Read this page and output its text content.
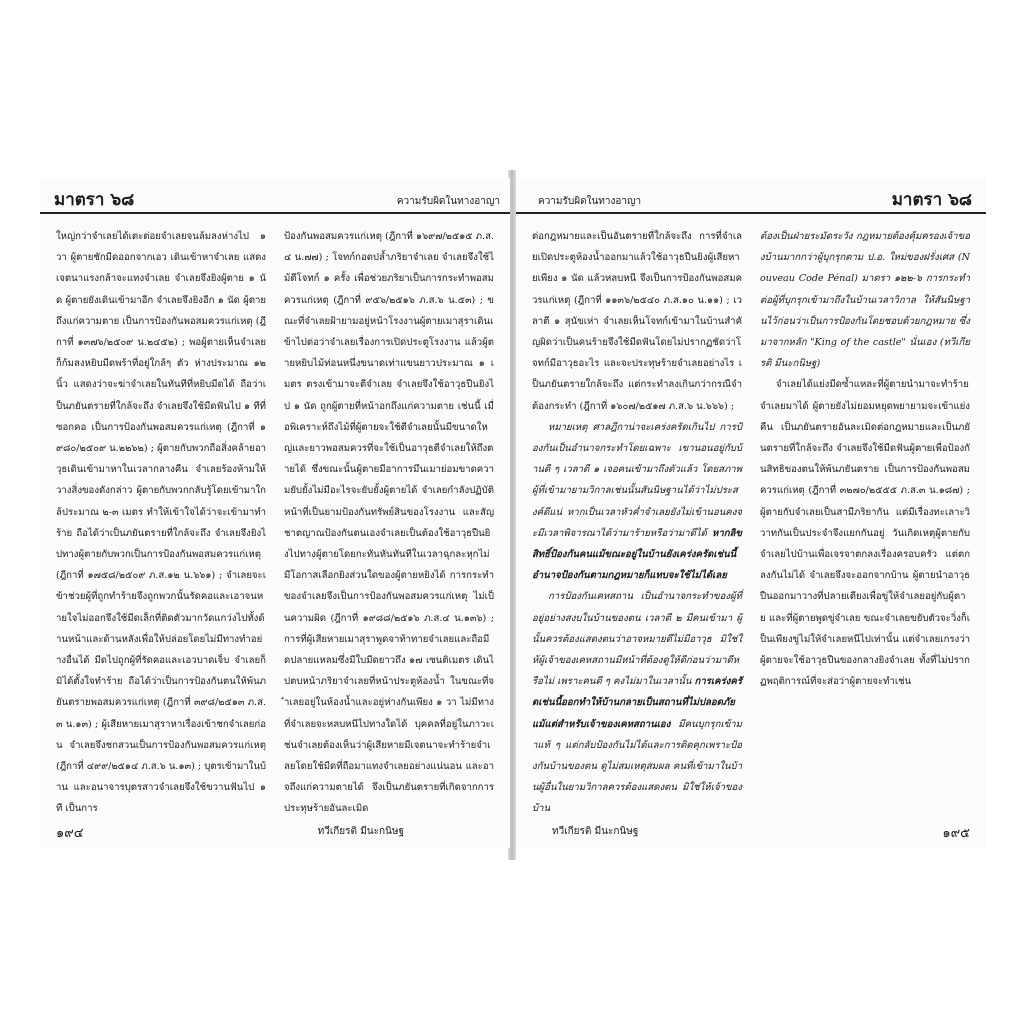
มาตรา ๖๘	ความรับผิดในทางอาญา

ใหญ่กว่าจำเลยได้เตะต่อยจำเลยจนล้มลงห่างไป ๑ วา ผู้ตายชักมีดออกจากเอว เดินเข้าหาจำเลย แสดงเจตนาแรงกล้าจะแทงจำเลย จำเลยจึงยิงผู้ตาย ๑ นัด ผู้ตายยังเดินเข้ามาอีก จำเลยจึงยิงอีก ๑ นัด ผู้ตายถึงแก่ความตาย เป็นการป้องกันพอสมควรแก่เหตุ (ฎีกาที่ ๑๓๗๖/๒๕๐๙ น.๒๔๕๒) ; พอผู้ตายเห็นจำเลย ก็ก้มลงหยิบมีดพร้าที่อยู่ใกล้ๆ ตัว ห่างประมาณ ๑๒ นิ้ว แสดงว่าจะฆ่าจำเลยในทันทีที่หยิบมีดได้ ถือว่าเป็นภยันตรายที่ใกล้จะถึง จำเลยจึงใช้มีดฟันไป ๑ ทีที่ซอกคอ เป็นการป้องกันพอสมควรแก่เหตุ (ฎีกาที่ ๑๙๘๐/๒๕๐๙ น.๒๒๖๒) ; ผู้ตายกับพวกถือสิ่งคล้ายอาวุธเดินเข้ามาหาในเวลากลางคืน จำเลยร้องห้ามให้วางสิ่งของดังกล่าว ผู้ตายกับพวกกลับรู้โดยเข้ามาใกล้ประมาณ ๒-๓ เมตร ทำให้เข้าใจได้ว่าจะเข้ามาทำร้าย ถือได้ว่าเป็นภยันตรายที่ใกล้จะถึง จำเลยจึงยิงไปทางผู้ตายกับพวกเป็นการป้องกันพอสมควรแก่เหตุ (ฎีกาที่ ๑๗๕๘/๒๕๐๙ ภ.ส.๑๒ น.๖๖๑) ; จำเลยจะเข้าช่วยผู้ที่ถูกทำร้ายจึงถูกพวกนั้นรัดคอและเอาจนหายใจไม่ออกจึงใช้มีดเล็กที่ติดตัวมากวัดแกว่งไปทั้งด้านหน้าและด้านหลังเพื่อให้ปล่อยโดยไม่มีทางทำอย่างอื่นได้ มีดไปถูกผู้ที่รัดคอและเอวบาดเจ็บ จำเลยก็มิได้ตั้งใจทำร้าย ถือได้ว่าเป็นการป้องกันตนให้พ้นภยันตรายพอสมควรแก่เหตุ (ฎีกาที่ ๓๙๘/๒๕๑๓ ภ.ส.๓ น.๑๓) ; ผู้เสียหายเมาสุราหาเรื่องเข้าชกจำเลยก่อน จำเลยจึงชกสวนเป็นการป้องกันพอสมควรแก่เหตุ (ฎีกาที่ ๔๙๙/๒๕๑๔ ภ.ส.๖ น.๑๓) ; บุตรเข้ามาในบ้าน และอนาจารบุตรสาวจำเลยจึงใช้ขวานฟันไป ๑ ที เป็นการ

ป้องกันพอสมควรแก่เหตุ (ฎีกาที่ ๑๖๙๗/๒๕๑๕ ภ.ส.๔ น.๗๗) ; โจทก์กอดปล้ำภริยาจำเลย จำเลยจึงใช้ไม้ตีโจทก์ ๑ ครั้ง เพื่อช่วยภริยาเป็นการกระทำพอสมควรแก่เหตุ (ฎีกาที่ ๙๕๖/๒๕๑๖ ภ.ส.๖ น.๕๓) ; ขณะที่จำเลยฝ้ายามอยู่หน้าโรงงานผู้ตายเมาสุราเดินเข้าไปต่อว่าจำเลยเรื่องการเปิดประตูโรงงาน แล้วผู้ตายหยิบไม้ท่อนหนึ่งขนาดเท่าแขนยาวประมาณ ๑ เมตร ตรงเข้ามาจะตีจำเลย จำเลยจึงใช้อาวุธปืนยิงไป ๑ นัด ถูกผู้ตายที่หน้าอกถึงแก่ความตาย เช่นนี้ เมื่อพิเคราะห์ถึงไม้ที่ผู้ตายจะใช้ตีจำเลยนั้นมีขนาดใหญ่และยาวพอสมควรที่จะใช้เป็นอาวุธตีจำเลยให้ถึงตายได้ ซึ่งขณะนั้นผู้ตายมีอาการมึนเมาย่อมขาดความยับยั้งไม่มีอะไรจะยับยั้งผู้ตายได้ จำเลยกำลังปฏิบัติหน้าที่เป็นยามป้องกันทรัพย์สินของโรงงาน และสัญชาตญาณป้องกันตนเองจำเลยเป็นต้องใช้อาวุธปืนยิงไปทางผู้ตายโดยกะทันหันทันทีในเวลาฉุกละหุกไม่มีโอกาสเลือกยิงส่วนใดของผู้ตายหยิงได้ การกระทำของจำเลยจึงเป็นการป้องกันพอสมควรแก่เหตุ ไม่เป็นความผิด (ฎีกาที่ ๑๙๘๘/๒๕๑๖ ภ.ส.๔ น.๑๓๖) ; การที่ผู้เสียหายเมาสุราพูดจาท้าทายจำเลยและถือมีดปลายแหลมซึ่งมีใบมีดยาวถึง ๑๗ เซนติเมตร เดินไปตบหน้าภริยาจำเลยที่หน้าประตูห้องน้ำ ในขณะที่จำเลยอยู่ในห้องน้ำและอยู่ห่างกันเพียง ๑ วา ไม่มีทางที่จำเลยจะหลบหนีไปทางใดได้ บุคคลที่อยู่ในภาวะเช่นจำเลยต้องเห็นว่าผู้เสียหายมีเจตนาจะทำร้ายจำเลยโดยใช้มีดที่ถือมาแทงจำเลยอย่างแน่นอน และอาจถึงแก่ความตายได้ จึงเป็นภยันตรายที่เกิดจากการประทุษร้ายอันละเมิด

๑๙๔	ทวีเกียรติ มีนะกนิษฐ
ความรับผิดในทางอาญา	มาตรา ๖๘

ต่อกฎหมายและเป็นอันตรายที่ใกล้จะถึง การที่จำเลยเปิดประตูห้องน้ำออกมาแล้วใช้อาวุธปืนยิงผู้เสียหายเพียง ๑ นัด แล้วหลบหนี จึงเป็นการป้องกันพอสมควรแก่เหตุ (ฎีกาที่ ๑๑๓๖/๒๕๔๐ ภ.ส.๑๐ น.๑๑) ; เวลาตี ๑ สุนัขเห่า จำเลยเห็นโจทก์เข้ามาในบ้านสำคัญผิดว่าเป็นคนร้ายจึงใช้มีดฟันโดยไม่ปรากฏชัดว่าโจทก์มีอาวุธอะไร และจะประทุษร้ายจำเลยอย่างไร เป็นภยันตรายใกล้จะถึง แต่กระทำลงเกินกว่ากรณีจำต้องกระทำ (ฎีกาที่ ๑๖๐๗/๒๕๑๗ ภ.ส.๖ น.๖๖๖) ;

หมายเหตุ ศาลฎีกาน่าจะเคร่งครัดเกินไป การป้องกันเป็นอำนาจกระทำโดยเฉพาะ เขานอนอยู่กับบ้านดี ๆ เวลาตี ๑ เจอคนเข้ามาถึงตัวแล้ว โดยสภาพผู้ที่เข้ามายามวิกาลเช่นนั้นสันนิษฐานได้ว่าไม่ประสงค์ดีแน่ หากเป็นเวลาหัวค่ำจำเลยยังไม่เข้านอนคงจะมีเวลาพิจารณาได้ว่ามาร้ายหรือว่ามาดีได้ หากลิขสิทธิ์ป้องกันคนแม้ขณะอยู่ในบ้านยังเคร่งครัดเช่นนี้ อำนาจป้องกันตามกฎหมายก็แทบจะใช้ไม่ได้เลย

การป้องกันเคหสถาน เป็นอำนาจกระทำของผู้ที่อยู่อย่างสงบในบ้านของตน เวลาตี ๒ มีคนเข้ามา ผู้นั้นควรต้องแสดงตนว่าอาจหมายดีไม่มีอาวุธ มิใช่ให้ผู้เจ้าของเคหสถานมีหน้าที่ต้องดูให้ดีก่อนว่ามาดีหรือไม่ เพราะคนดี ๆ คงไม่มาในเวลานั้น การเคร่งครัดเช่นนี้ออกทำให้บ้านกลายเป็นสถานที่ไม่ปลอดภัย แม้แต่สำหรับเจ้าของเคหสถานเอง มีคนบุกรุกเข้ามาแท้ ๆ แต่กลับป้องกันไม่ได้และการติดคุกเพราะป้องกันบ้านของตน ดูไม่สมเหตุสมผล คนที่เข้ามาในบ้านผู้อื่นในยามวิกาลควรต้องแสดงตน มิใช่ให้เจ้าของบ้าน

ต้องเป็นฝ่ายระมัดระวัง กฎหมายต้องคุ้มครองเจ้าของบ้านมากกว่าผู้บุกรุกตาม ป.อ. ใหม่ของฝรั่งเศส (Nouveau Code Pénal) มาตรา ๑๒๒-๖ การกระทำต่อผู้ที่บุกรุกเข้ามาถึงในบ้านเวลาวิกาล ให้สันนิษฐานไว้ก่อนว่าเป็นการป้องกันโดยชอบด้วยกฎหมาย ซึ่งมาจากหลัก "King of the castle" นั่นเอง (ทวีเกียรติ มีนะกนิษฐ)

จำเลยได้แย่งมีดซ้ำแหละที่ผู้ตายนำมาจะทำร้ายจำเลยมาได้ ผู้ตายยังไม่ยอมหยุดพยายามจะเข้าแย่งคืน เป็นภยันตรายอันละเมิดต่อกฎหมายและเป็นภยันตรายที่ใกล้จะถึง จำเลยจึงใช้มีดฟันผู้ตายเพื่อป้องกันสิทธิของตนให้พ้นภยันตราย เป็นการป้องกันพอสมควรแก่เหตุ (ฎีกาที่ ๓๒๗๐/๒๕๕๕ ภ.ส.๓ น.๑๘๗) ; ผู้ตายกับจำเลยเป็นสามีภริยากัน แต่มีเรื่องทะเลาะวิวาทกันเป็นประจำจึงแยกกันอยู่ วันเกิดเหตุผู้ตายกับจำเลยไปบ้านเพื่อเจรจาตกลงเรื่องครอบครัว แต่ตกลงกันไม่ได้ จำเลยจึงจะออกจากบ้าน ผู้ตายนำอาวุธปืนออกมาวางที่ปลายเตียงเพื่อขู่ให้จำเลยอยู่กับผู้ตาย และที่ผู้ตายพูดขู่จำเลย ขณะจำเลยขยับตัวจะวิ่งก็เป็นเพียงขู่ไม่ให้จำเลยหนีไปเท่านั้น แต่จำเลยเกรงว่าผู้ตายจะใช้อาวุธปืนของกลางยิงจำเลย ทั้งที่ไม่ปรากฏพฤติการณ์ที่จะส่อว่าผู้ตายจะทำเช่น

ทวีเกียรติ มีนะกนิษฐ	๑๙๕
